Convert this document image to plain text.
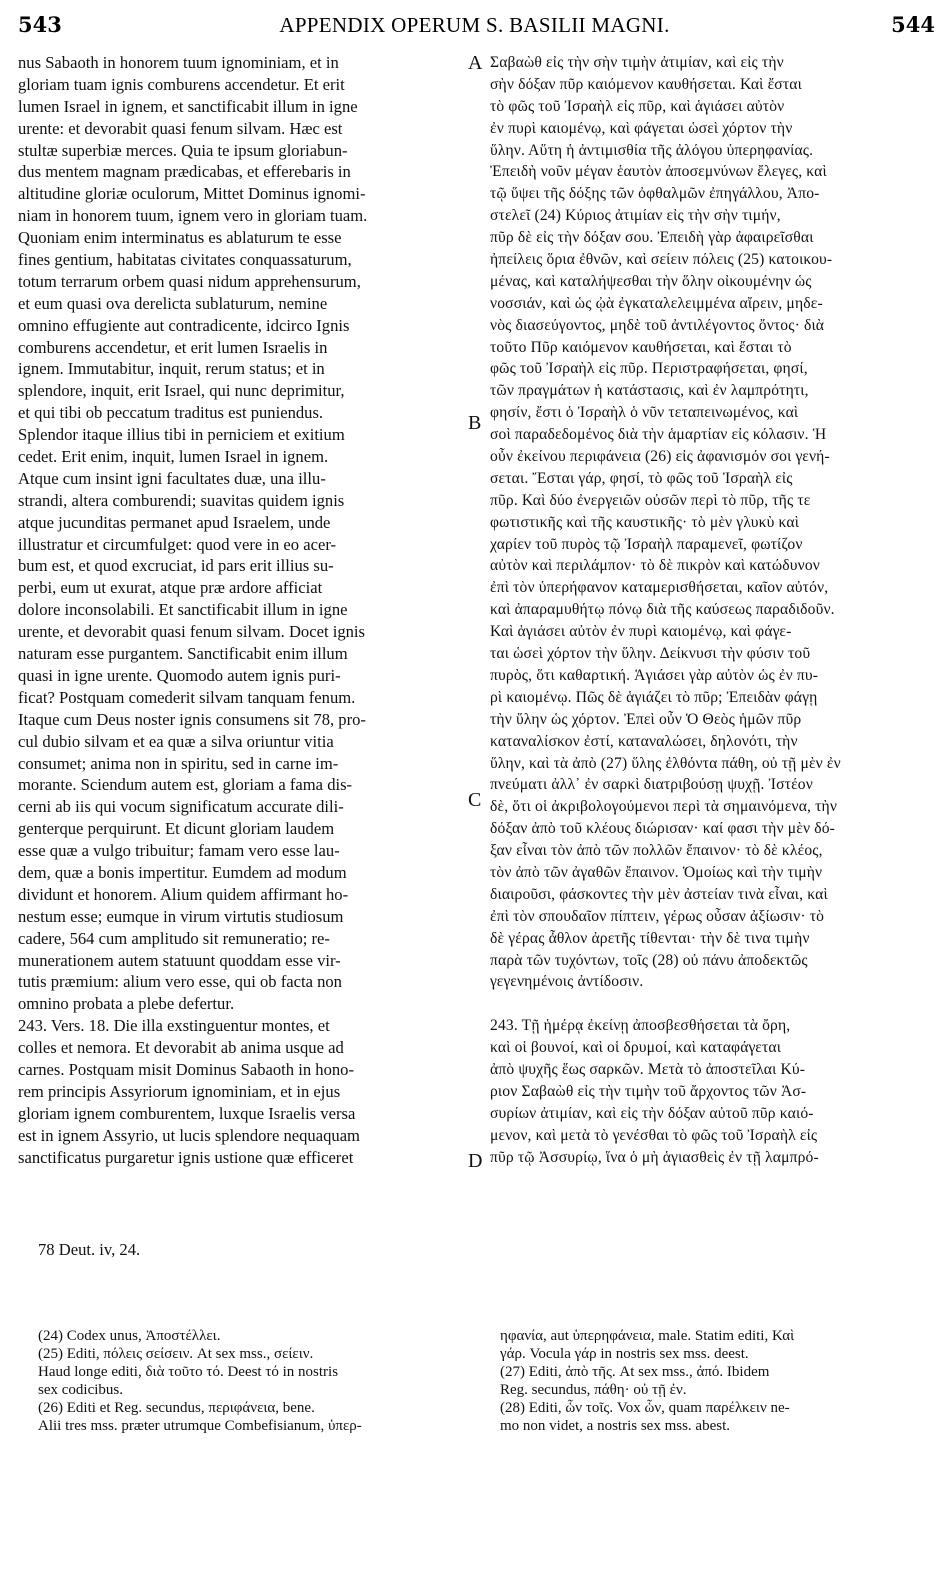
543	APPENDIX OPERUM S. BASILII MAGNI.	544
nus Sabaoth in honorem tuum ignominiam, et in
gloriam tuam ignis comburens accendetur. Et erit
lumen Israel in ignem, et sanctificabit illum in igne
urente: et devorabit quasi fenum silvam. Hæc est
stultæ superbiæ merces. Quia te ipsum gloriabun-
dus mentem magnam prædicabas, et efferebaris in
altitudine gloriæ oculorum, Mittet Dominus ignomi-
niam in honorem tuum, ignem vero in gloriam tuam.
Quoniam enim interminatus es ablaturum te esse
fines gentium, habitatas civitates conquassaturum,
totum terrarum orbem quasi nidum apprehensurum,
et eum quasi ova derelicta sublaturum, nemine
omnino effugiente aut contradicente, idcirco Ignis
comburens accendetur, et erit lumen Israelis in
ignem. Immutabitur, inquit, rerum status; et in
splendore, inquit, erit Israel, qui nunc deprimitur,
et qui tibi ob peccatum traditus est puniendus.
Splendor itaque illius tibi in perniciem et exitium
cedet. Erit enim, inquit, lumen Israel in ignem.
Atque cum insint igni facultates duæ, una illu-
strandi, altera comburendi; suavitas quidem ignis
atque jucunditas permanet apud Israelem, unde
illustratur et circumfulget: quod vere in eo acer-
bum est, et quod excruciat, id pars erit illius su-
perbi, eum ut exurat, atque præ ardore afficiat
dolore inconsolabili. Et sanctificabit illum in igne
urente, et devorabit quasi fenum silvam. Docet ignis
naturam esse purgantem. Sanctificabit enim illum
quasi in igne urente. Quomodo autem ignis puri-
ficat? Postquam comederit silvam tanquam fenum.
Itaque cum Deus noster ignis consumens sit 78, pro-
cul dubio silvam et ea quæ a silva oriuntur vitia
consumet; anima non in spiritu, sed in carne im-
morante. Sciendum autem est, gloriam a fama dis-
cerni ab iis qui vocum significatum accurate dili-
genterque perquirunt. Et dicunt gloriam laudem
esse quæ a vulgo tribuitur; famam vero esse lau-
dem, quæ a bonis impertitur. Eumdem ad modum
dividunt et honorem. Alium quidem affirmant ho-
nestum esse; eumque in virum virtutis studiosum
cadere, 564 cum amplitudo sit remuneratio; re-
munerationem autem statuunt quoddam esse vir-
tutis præmium: alium vero esse, qui ob facta non
omnino probata a plebe defertur.
243. Vers. 18. Die illa exstinguentur montes, et
colles et nemora. Et devorabit ab anima usque ad
carnes. Postquam misit Dominus Sabaoth in hono-
rem principis Assyriorum ignominiam, et in ejus
gloriam ignem comburentem, luxque Israelis versa
est in ignem Assyrio, ut lucis splendore nequaquam
sanctificatus purgaretur ignis ustione quæ efficeret
Σαβαὼθ εἰς τὴν σὴν τιμὴν ἀτιμίαν, καὶ εἰς τὴν
σὴν δόξαν πῦρ καιόμενον καυθήσεται. Καὶ ἔσται
τὸ φῶς τοῦ Ἰσραὴλ εἰς πῦρ, καὶ ἁγιάσει αὐτὸν
ἐν πυρὶ καιομένῳ, καὶ φάγεται ὡσεὶ χόρτον τὴν
ὕλην. Αὕτη ἡ ἀντιμισθία τῆς ἀλόγου ὑπερηφανίας.
Ἐπειδὴ νοῦν μέγαν ἑαυτὸν ἀποσεμνύνων ἔλεγες, καὶ
τῷ ὕψει τῆς δόξης τῶν ὀφθαλμῶν ἐπηγάλλου, Ἀπο-
στελεῖ (24) Κύριος ἀτιμίαν εἰς τὴν σὴν τιμήν,
πῦρ δὲ εἰς τὴν δόξαν σου. Ἐπειδὴ γὰρ ἀφαιρεῖσθαι
ἠπείλεις ὅρια ἐθνῶν, καὶ σείειν πόλεις (25) κατοικου-
μένας, καὶ καταλήψεσθαι τὴν ὅλην οἰκουμένην ὡς
νοσσιάν, καὶ ὡς ᾠὰ ἐγκαταλελειμμένα αἴρειν, μηδε-
νὸς διασεύγοντος, μηδὲ τοῦ ἀντιλέγοντος ὄντος· διὰ
τοῦτο Πῦρ καιόμενον καυθήσεται, καὶ ἔσται τὸ
φῶς τοῦ Ἰσραὴλ εἰς πῦρ. Περιστραφήσεται, φησί,
τῶν πραγμάτων ἡ κατάστασις, καὶ ἐν λαμπρότητι,
φησίν, ἔστι ὁ Ἰσραὴλ ὁ νῦν τεταπεινωμένος, καὶ
σοὶ παραδεδομένος διὰ τὴν ἁμαρτίαν εἰς κόλασιν. Ἡ
οὖν ἐκείνου περιφάνεια (26) εἰς ἀφανισμόν σοι γενή-
σεται. Ἔσται γάρ, φησί, τὸ φῶς τοῦ Ἰσραὴλ εἰς
πῦρ. Καὶ δύο ἐνεργειῶν οὐσῶν περὶ τὸ πῦρ, τῆς τε
φωτιστικῆς καὶ τῆς καυστικῆς· τὸ μὲν γλυκὺ καὶ
χαρίεν τοῦ πυρὸς τῷ Ἰσραὴλ παραμενεῖ, φωτίζον
αὐτὸν καὶ περιλάμπον· τὸ δὲ πικρὸν καὶ κατώδυνον
ἐπὶ τὸν ὑπερήφανον καταμερισθήσεται, καῖον αὐτόν,
καὶ ἀπαραμυθήτῳ πόνῳ διὰ τῆς καύσεως παραδιδοῦν.
Καὶ ἁγιάσει αὐτὸν ἐν πυρὶ καιομένῳ, καὶ φάγε-
ται ὡσεὶ χόρτον τὴν ὕλην. Δείκνυσι τὴν φύσιν τοῦ
πυρὸς, ὅτι καθαρτική. Ἁγιάσει γὰρ αὐτὸν ὡς ἐν πυ-
ρὶ καιομένῳ. Πῶς δὲ ἁγιάζει τὸ πῦρ; Ἐπειδὰν φάγῃ
τὴν ὕλην ὡς χόρτον. Ἐπεὶ οὖν Ὁ Θεὸς ἡμῶν πῦρ
καταναλίσκον ἐστί, καταναλώσει, δηλονότι, τὴν
ὕλην, καὶ τὰ ἀπὸ (27) ὕλης ἐλθόντα πάθη, οὐ τῇ μὲν ἐν
πνεύματι ἀλλ᾽ ἐν σαρκὶ διατριβούσῃ ψυχῇ. Ἰστέον
δὲ, ὅτι οἱ ἀκριβολογούμενοι περὶ τὰ σημαινόμενα, τὴν
δόξαν ἀπὸ τοῦ κλέους διώρισαν· καί φασι τὴν μὲν δό-
ξαν εἶναι τὸν ἀπὸ τῶν πολλῶν ἔπαινον· τὸ δὲ κλέος,
τὸν ἀπὸ τῶν ἀγαθῶν ἔπαινον. Ὁμοίως καὶ τὴν τιμὴν
διαιροῦσι, φάσκοντες τὴν μὲν ἀστείαν τινὰ εἶναι, καὶ
ἐπὶ τὸν σπουδαῖον πίπτειν, γέρως οὖσαν ἀξίωσιν· τὸ
δὲ γέρας ἆθλον ἀρετῆς τίθενται· τὴν δὲ τινα τιμὴν
παρὰ τῶν τυχόντων, τοῖς (28) οὐ πάνυ ἀποδεκτῶς
γεγενημένοις ἀντίδοσιν.
243. Τῇ ἡμέρᾳ ἐκείνῃ ἀποσβεσθήσεται τὰ ὄρη,
καὶ οἱ βουνοί, καὶ οἱ δρυμοί, καὶ καταφάγεται
ἀπὸ ψυχῆς ἕως σαρκῶν. Μετὰ τὸ ἀποστεῖλαι Κύ-
ριον Σαβαὼθ εἰς τὴν τιμὴν τοῦ ἄρχοντος τῶν Ἀσ-
συρίων ἀτιμίαν, καὶ εἰς τὴν δόξαν αὐτοῦ πῦρ καιό-
μενον, καὶ μετὰ τὸ γενέσθαι τὸ φῶς τοῦ Ἰσραὴλ εἰς
πῦρ τῷ Ἀσσυρίῳ, ἵνα ὁ μὴ ἁγιασθεὶς ἐν τῇ λαμπρό-
A
B
C
D
78 Deut. iv, 24.
(24) Codex unus, Ἀποστέλλει.
(25) Editi, πόλεις σείσειν. At sex mss., σείειν.
Haud longe editi, διὰ τοῦτο τό. Deest τό in nostris
sex codicibus.
(26) Editi et Reg. secundus, περιφάνεια, bene.
Alii tres mss. præter utrumque Combefisianum, ὑπερ-
ηφανία, aut ὑπερηφάνεια, male. Statim editi, Καὶ
γάρ. Vocula γάρ in nostris sex mss. deest.
(27) Editi, ἀπὸ τῆς. At sex mss., ἀπό. Ibidem
Reg. secundus, πάθη· οὐ τῇ ἐν.
(28) Editi, ὧν τοῖς. Vox ὧν, quam παρέλκειν ne-
mo non videt, a nostris sex mss. abest.
